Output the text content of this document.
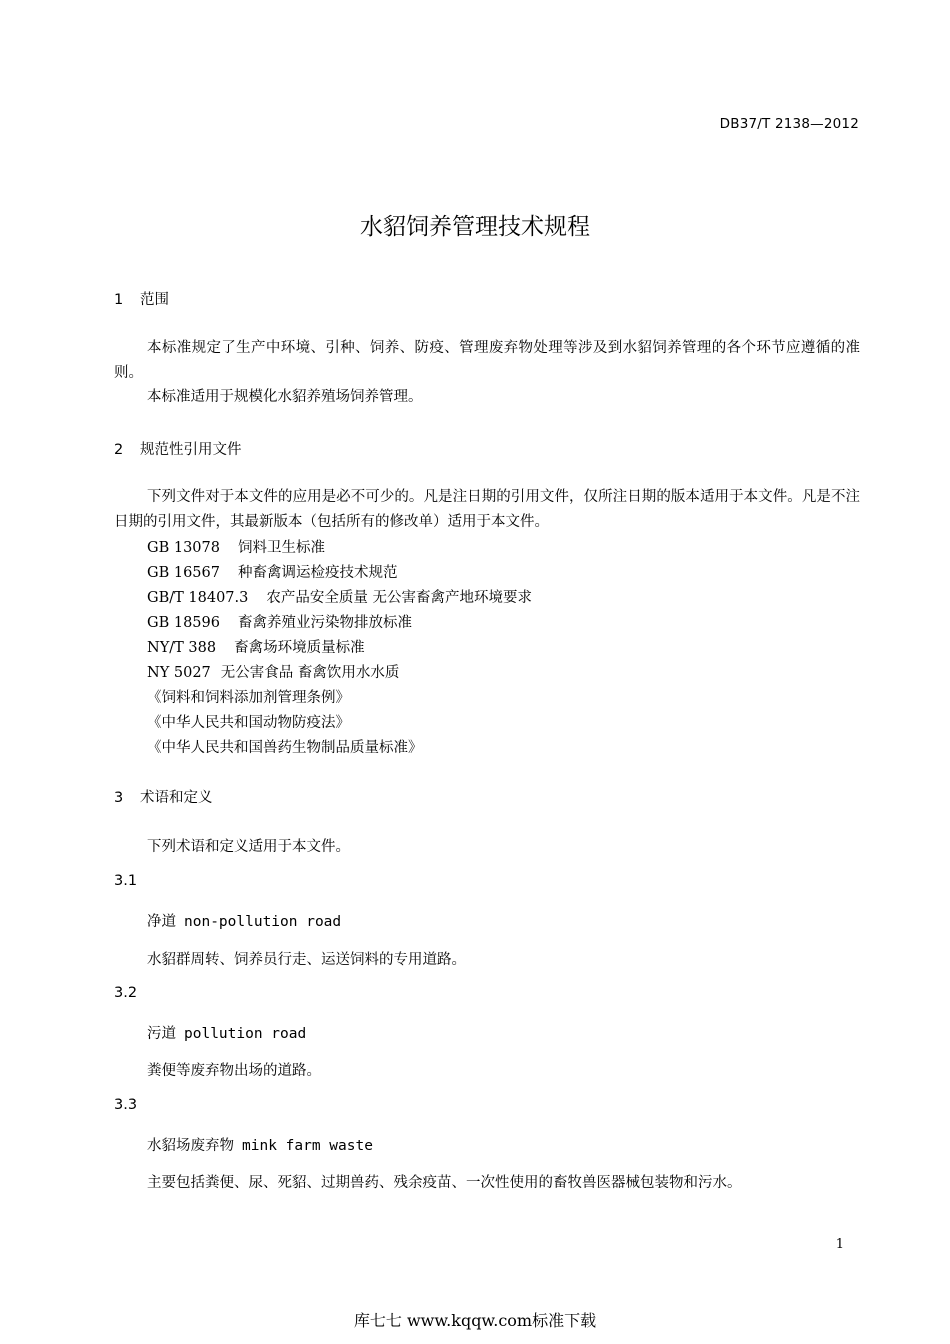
DB37/T 2138—2012
水貂饲养管理技术规程
1 范围
本标准规定了生产中环境、引种、饲养、防疫、管理废弃物处理等涉及到水貂饲养管理的各个环节应遵循的准则。
本标准适用于规模化水貂养殖场饲养管理。
2 规范性引用文件
下列文件对于本文件的应用是必不可少的。凡是注日期的引用文件，仅所注日期的版本适用于本文件。凡是不注日期的引用文件，其最新版本（包括所有的修改单）适用于本文件。
GB 13078 饲料卫生标准
GB 16567 种畜禽调运检疫技术规范
GB/T 18407.3 农产品安全质量 无公害畜禽产地环境要求
GB 18596 畜禽养殖业污染物排放标准
NY/T 388 畜禽场环境质量标准
NY 5027 无公害食品 畜禽饮用水水质
《饲料和饲料添加剂管理条例》
《中华人民共和国动物防疫法》
《中华人民共和国兽药生物制品质量标准》
3 术语和定义
下列术语和定义适用于本文件。
3.1
净道 non-pollution road
水貂群周转、饲养员行走、运送饲料的专用道路。
3.2
污道 pollution road
粪便等废弃物出场的道路。
3.3
水貂场废弃物 mink farm waste
主要包括粪便、尿、死貂、过期兽药、残余疫苗、一次性使用的畜牧兽医器械包装物和污水。
1
库七七 www.kqqw.com标准下载
